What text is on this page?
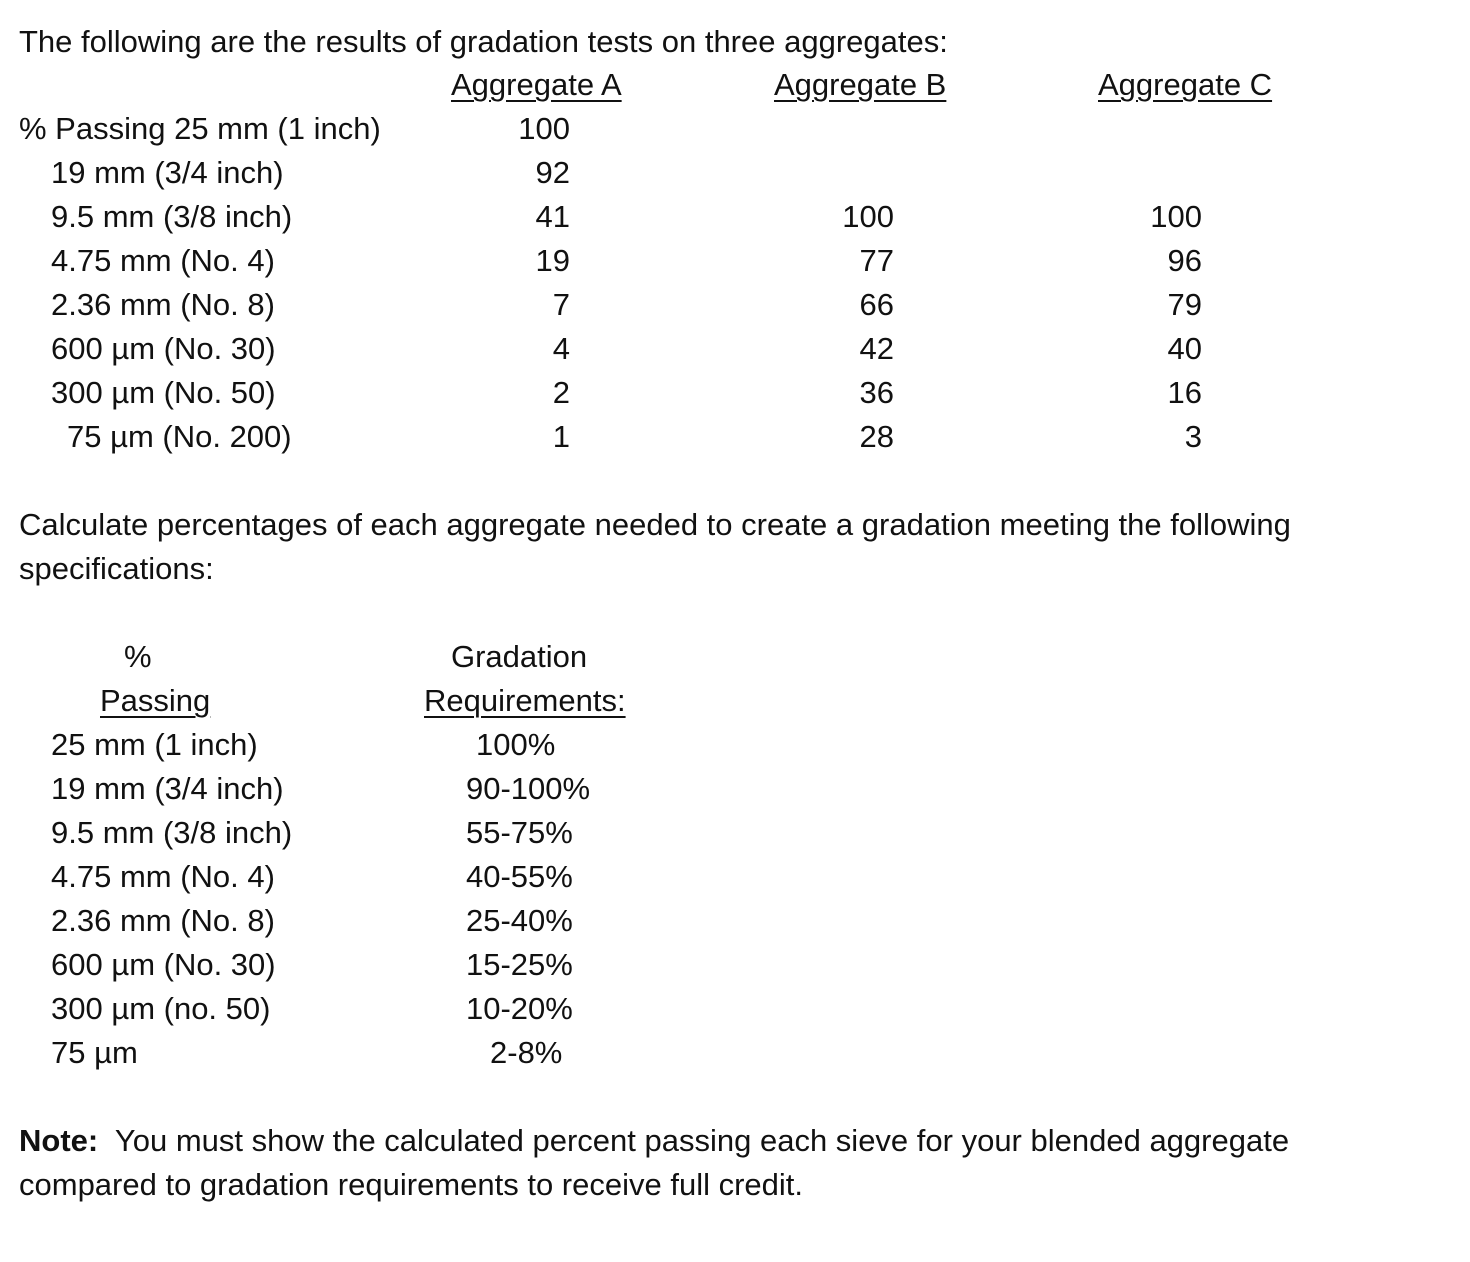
The following are the results of gradation tests on three aggregates:
Aggregate A	Aggregate B	Aggregate C
% Passing 25 mm (1 inch)	100
19 mm (3/4 inch)	92
9.5 mm (3/8 inch)	41	100	100
4.75 mm (No. 4)	19	77	96
2.36 mm (No. 8)	7	66	79
600 µm (No. 30)	4	42	40
300 µm (No. 50)	2	36	16
75 µm (No. 200)	1	28	3
Calculate percentages of each aggregate needed to create a gradation meeting the following
specifications:
%
Passing
Gradation
Requirements:
25 mm (1 inch)	100%
19 mm (3/4 inch)	90-100%
9.5 mm (3/8 inch)	55-75%
4.75 mm (No. 4)	40-55%
2.36 mm (No. 8)	25-40%
600 µm (No. 30)	15-25%
300 µm (no. 50)	10-20%
75 µm	2-8%
Note: You must show the calculated percent passing each sieve for your blended aggregate
compared to gradation requirements to receive full credit.
